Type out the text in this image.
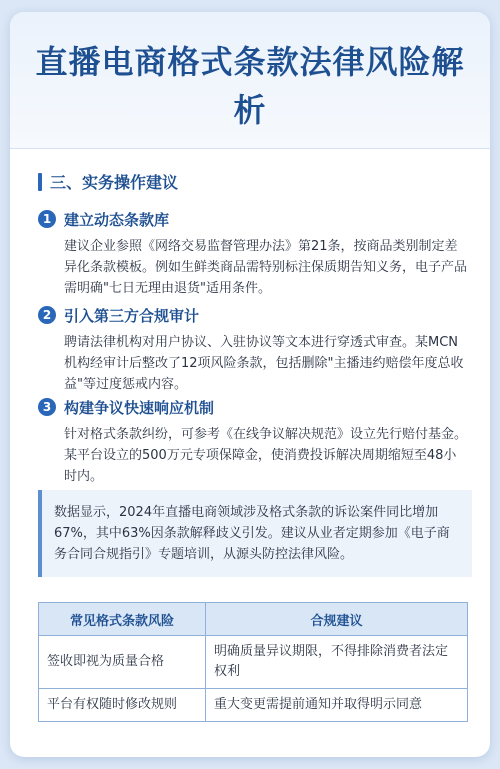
直播电商格式条款法律风险解析
三、实务操作建议
1 建立动态条款库
建议企业参照《网络交易监督管理办法》第21条，按商品类别制定差异化条款模板。例如生鲜类商品需特别标注保质期告知义务，电子产品需明确"七日无理由退货"适用条件。
2 引入第三方合规审计
聘请法律机构对用户协议、入驻协议等文本进行穿透式审查。某MCN机构经审计后整改了12项风险条款，包括删除"主播违约赔偿年度总收益"等过度惩戒内容。
3 构建争议快速响应机制
针对格式条款纠纷，可参考《在线争议解决规范》设立先行赔付基金。某平台设立的500万元专项保障金，使消费投诉解决周期缩短至48小时内。
数据显示，2024年直播电商领域涉及格式条款的诉讼案件同比增加67%，其中63%因条款解释歧义引发。建议从业者定期参加《电子商务合同合规指引》专题培训，从源头防控法律风险。
常见格式条款风险	合规建议
签收即视为质量合格	明确质量异议期限，不得排除消费者法定权利
平台有权随时修改规则	重大变更需提前通知并取得明示同意
